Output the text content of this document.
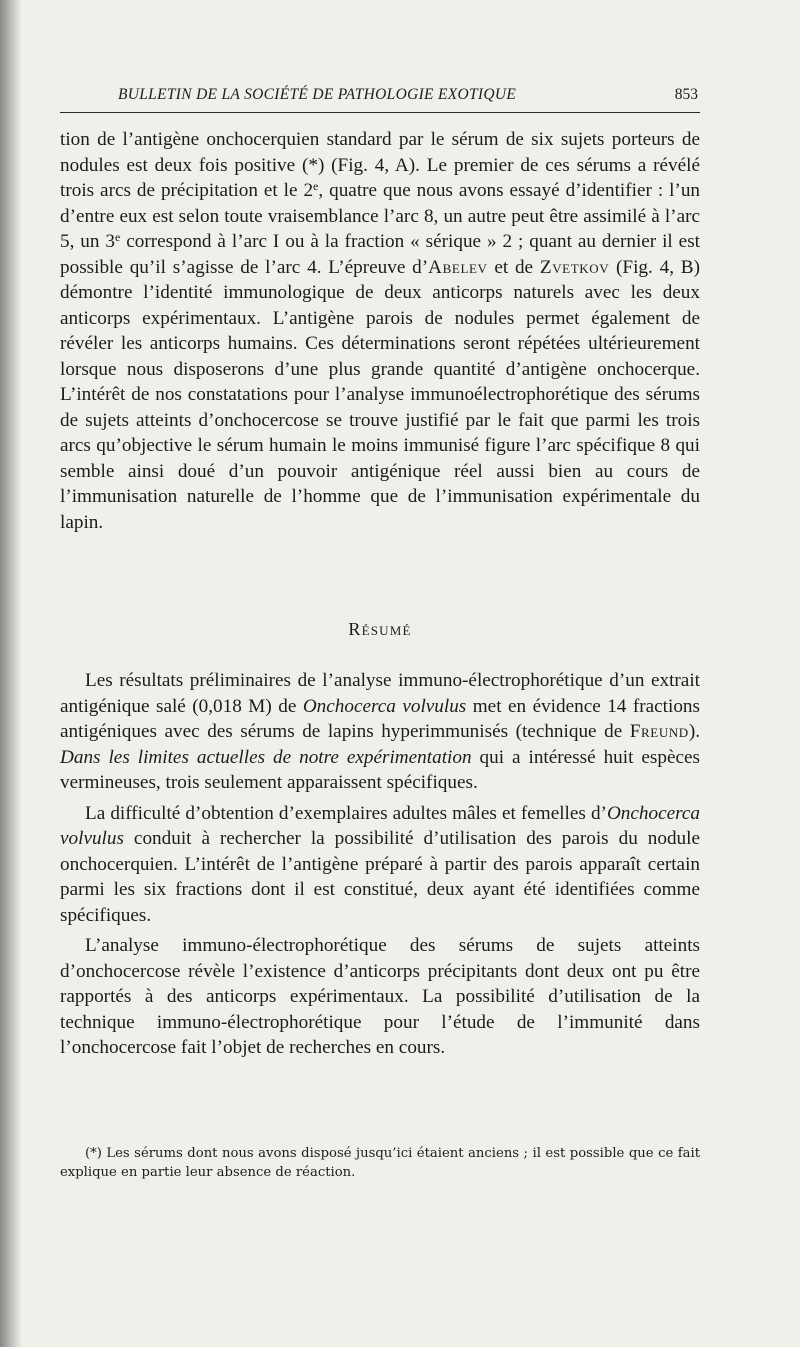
BULLETIN DE LA SOCIÉTÉ DE PATHOLOGIE EXOTIQUE	853

tion de l’antigène onchocerquien standard par le sérum de six sujets porteurs de nodules est deux fois positive (*) (Fig. 4, A). Le premier de ces sérums a révélé trois arcs de précipitation et le 2e, quatre que nous avons essayé d’identifier : l’un d’entre eux est selon toute vraisemblance l’arc 8, un autre peut être assimilé à l’arc 5, un 3e correspond à l’arc I ou à la fraction « sérique » 2 ; quant au dernier il est possible qu’il s’agisse de l’arc 4. L’épreuve d’Abelev et de Zvetkov (Fig. 4, B) démontre l’identité immunologique de deux anticorps naturels avec les deux anticorps expérimentaux. L’antigène parois de nodules permet également de révéler les anticorps humains. Ces déterminations seront répétées ultérieurement lorsque nous disposerons d’une plus grande quantité d’antigène onchocerque. L’intérêt de nos constatations pour l’analyse immunoélectrophorétique des sérums de sujets atteints d’onchocercose se trouve justifié par le fait que parmi les trois arcs qu’objective le sérum humain le moins immunisé figure l’arc spécifique 8 qui semble ainsi doué d’un pouvoir antigénique réel aussi bien au cours de l’immunisation naturelle de l’homme que de l’immunisation expérimentale du lapin.

Résumé

Les résultats préliminaires de l’analyse immuno-électrophorétique d’un extrait antigénique salé (0,018 M) de Onchocerca volvulus met en évidence 14 fractions antigéniques avec des sérums de lapins hyperimmunisés (technique de Freund). Dans les limites actuelles de notre expérimentation qui a intéressé huit espèces vermineuses, trois seulement apparaissent spécifiques.

La difficulté d’obtention d’exemplaires adultes mâles et femelles d’Onchocerca volvulus conduit à rechercher la possibilité d’utilisation des parois du nodule onchocerquien. L’intérêt de l’antigène préparé à partir des parois apparaît certain parmi les six fractions dont il est constitué, deux ayant été identifiées comme spécifiques.

L’analyse immuno-électrophorétique des sérums de sujets atteints d’onchocercose révèle l’existence d’anticorps précipitants dont deux ont pu être rapportés à des anticorps expérimentaux. La possibilité d’utilisation de la technique immuno-électrophorétique pour l’étude de l’immunité dans l’onchocercose fait l’objet de recherches en cours.

(*) Les sérums dont nous avons disposé jusqu’ici étaient anciens ; il est possible que ce fait explique en partie leur absence de réaction.
